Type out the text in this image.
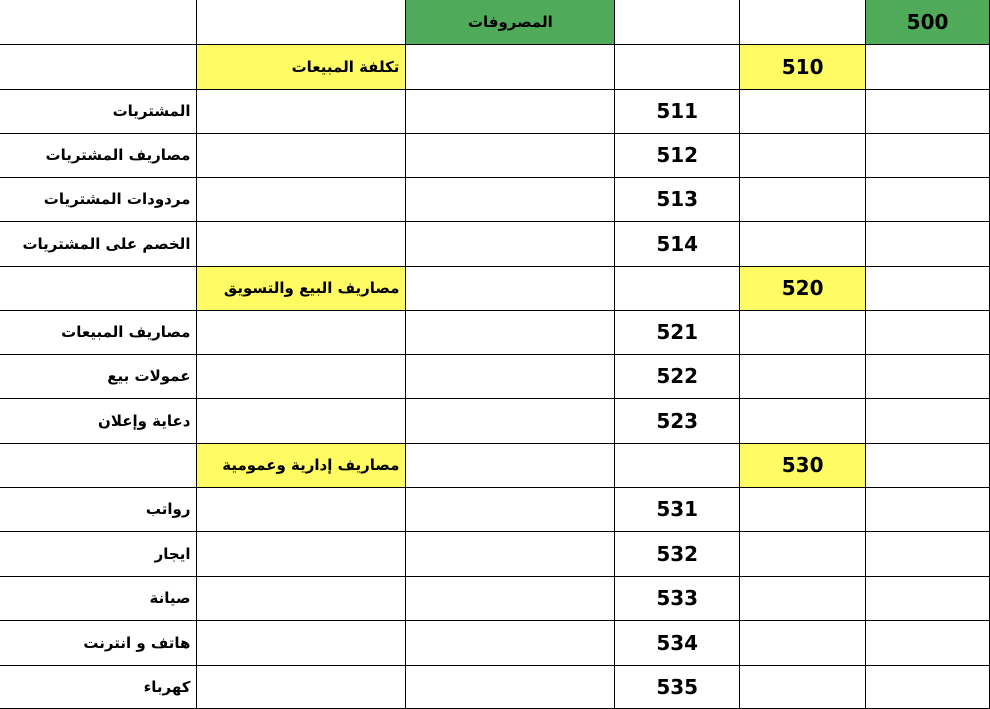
		المصروفات			500
	تكلفة المبيعات			510	
المشتريات			511		
مصاريف المشتريات			512		
مردودات المشتريات			513		
الخصم على المشتريات			514		
	مصاريف البيع والتسويق			520	
مصاريف المبيعات			521		
عمولات بيع			522		
دعاية وإعلان			523		
	مصاريف إدارية وعمومية			530	
رواتب			531		
ايجار			532		
صيانة			533		
هاتف و انترنت			534		
كهرباء			535		
